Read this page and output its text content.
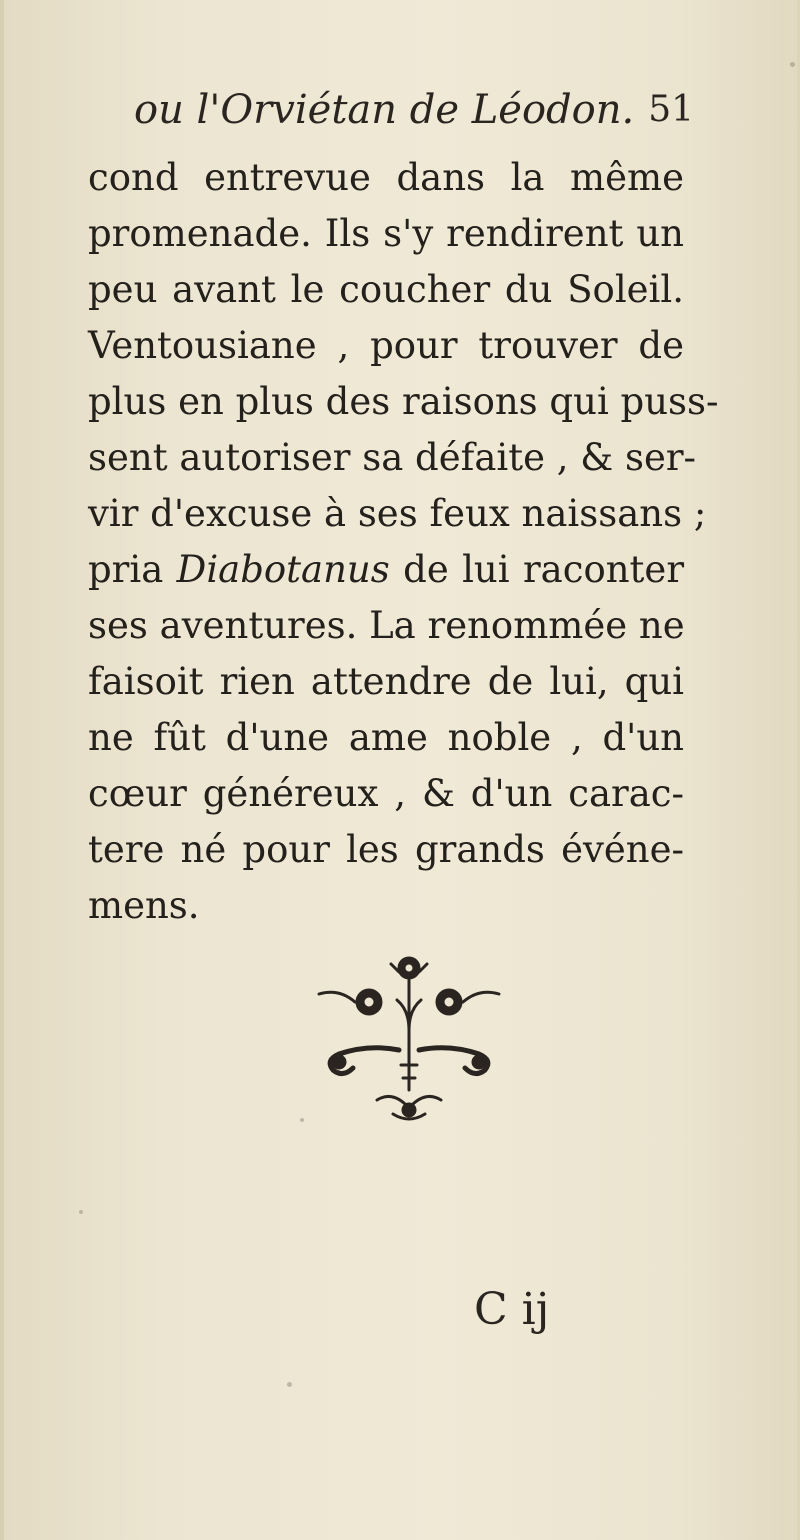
ou l'Orviétan de Léodon. 51
cond entrevue dans la même
promenade. Ils s'y rendirent un
peu avant le coucher du Soleil.
Ventousiane , pour trouver de
plus en plus des raisons qui puss-
sent autoriser sa défaite , & ser-
vir d'excuse à ses feux naissans ;
pria Diabotanus de lui raconter
ses aventures. La renommée ne
faisoit rien attendre de lui, qui
ne fût d'une ame noble , d'un
cœur généreux , & d'un carac-
tere né pour les grands événe-
mens.
C ij
